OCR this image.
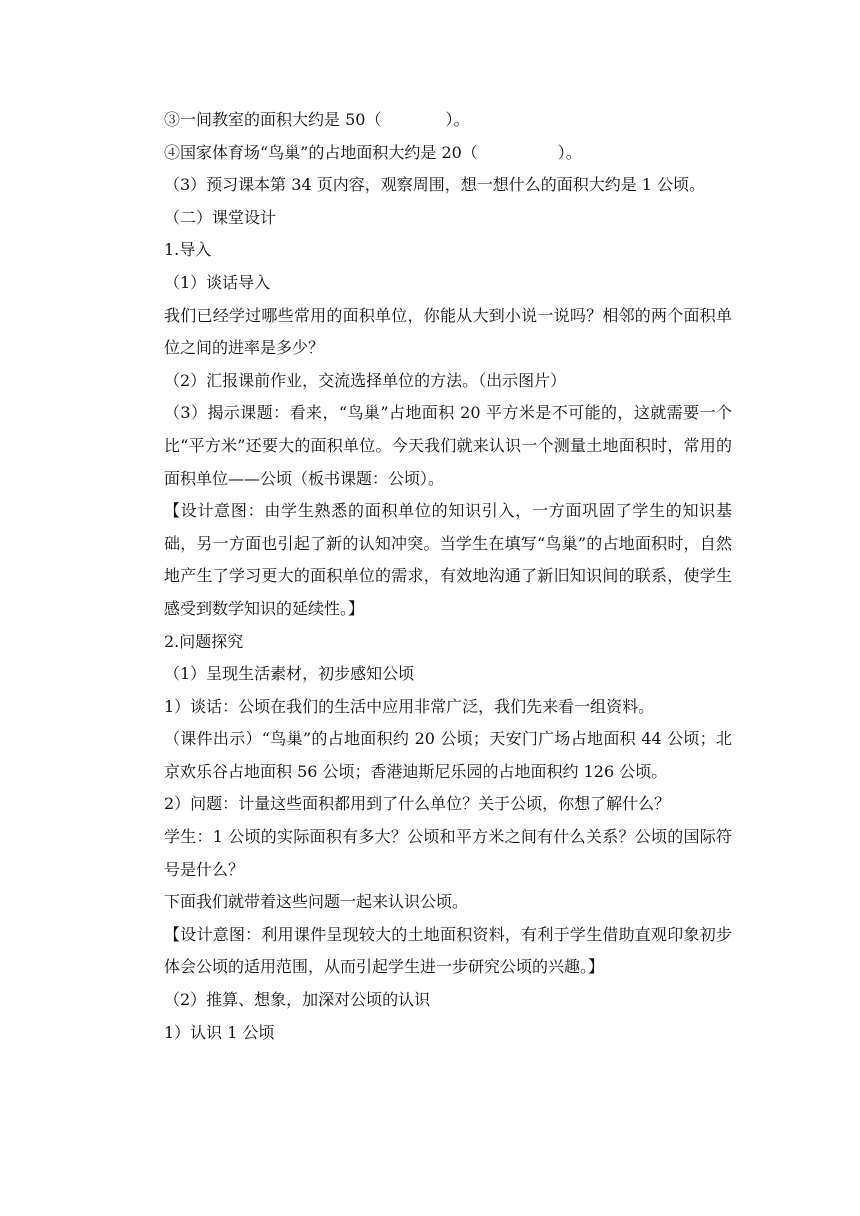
③一间教室的面积大约是 50（　　　　）。

④国家体育场“鸟巢”的占地面积大约是 20（　　　　　）。

（3）预习课本第 34 页内容，观察周围，想一想什么的面积大约是 1 公顷。

（二）课堂设计

1.导入

（1）谈话导入

我们已经学过哪些常用的面积单位，你能从大到小说一说吗？相邻的两个面积单位之间的进率是多少？

（2）汇报课前作业，交流选择单位的方法。（出示图片）

（3）揭示课题：看来，“鸟巢”占地面积 20 平方米是不可能的，这就需要一个比“平方米”还要大的面积单位。今天我们就来认识一个测量土地面积时，常用的面积单位——公顷（板书课题：公顷）。

【设计意图：由学生熟悉的面积单位的知识引入，一方面巩固了学生的知识基础，另一方面也引起了新的认知冲突。当学生在填写“鸟巢”的占地面积时，自然地产生了学习更大的面积单位的需求，有效地沟通了新旧知识间的联系，使学生感受到数学知识的延续性。】

2.问题探究

（1）呈现生活素材，初步感知公顷

1）谈话：公顷在我们的生活中应用非常广泛，我们先来看一组资料。

（课件出示）“鸟巢”的占地面积约 20 公顷；天安门广场占地面积 44 公顷；北京欢乐谷占地面积 56 公顷；香港迪斯尼乐园的占地面积约 126 公顷。

2）问题：计量这些面积都用到了什么单位？关于公顷，你想了解什么？

学生：1 公顷的实际面积有多大？公顷和平方米之间有什么关系？公顷的国际符号是什么？

下面我们就带着这些问题一起来认识公顷。

【设计意图：利用课件呈现较大的土地面积资料，有利于学生借助直观印象初步体会公顷的适用范围，从而引起学生进一步研究公顷的兴趣。】

（2）推算、想象，加深对公顷的认识

1）认识 1 公顷
